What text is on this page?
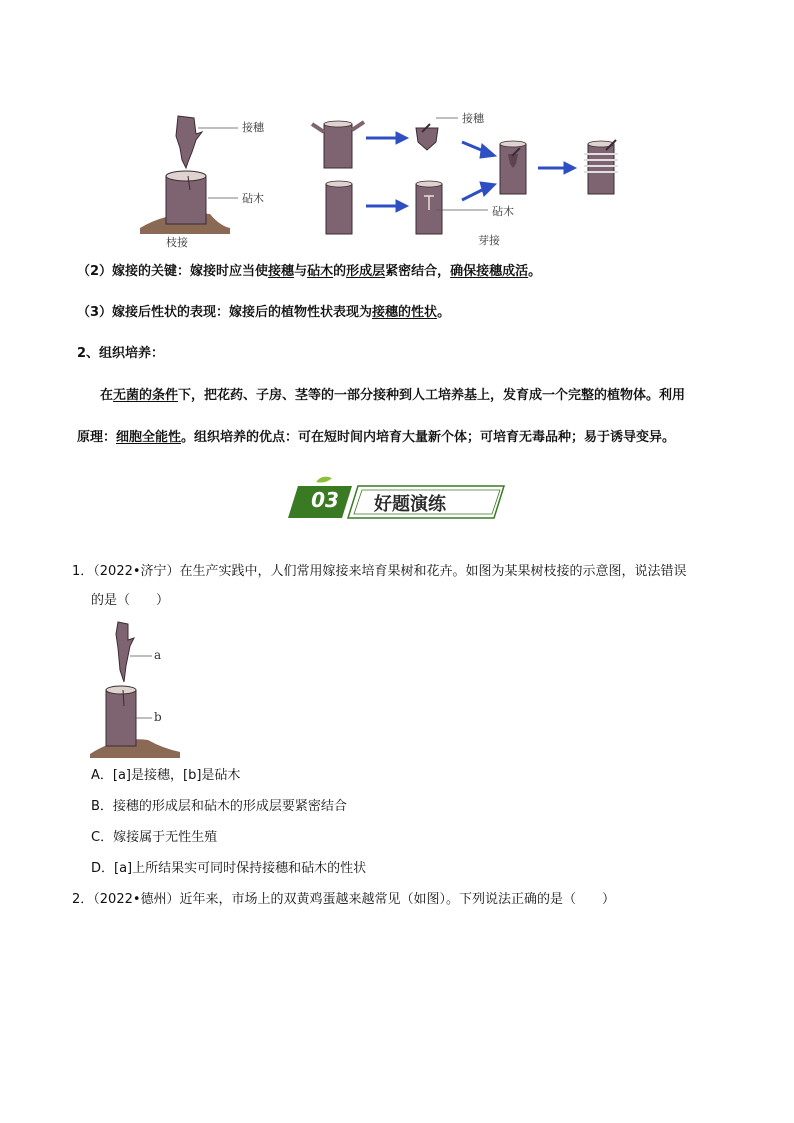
接穗
砧木
枝接
接穗
砧木
芽接
（2）嫁接的关键：嫁接时应当使接穗与砧木的形成层紧密结合，确保接穗成活。
（3）嫁接后性状的表现：嫁接后的植物性状表现为接穗的性状。
2、组织培养：
在无菌的条件下，把花药、子房、茎等的一部分接种到人工培养基上，发育成一个完整的植物体。利用
原理：细胞全能性。组织培养的优点：可在短时间内培育大量新个体；可培育无毒品种；易于诱导变异。
03	好题演练
1．（2022•济宁）在生产实践中，人们常用嫁接来培育果树和花卉。如图为某果树枝接的示意图，说法错误
的是（　　）
a
b
A．[a]是接穗，[b]是砧木
B．接穗的形成层和砧木的形成层要紧密结合
C．嫁接属于无性生殖
D．[a]上所结果实可同时保持接穗和砧木的性状
2．（2022•德州）近年来，市场上的双黄鸡蛋越来越常见（如图）。下列说法正确的是（　　）
